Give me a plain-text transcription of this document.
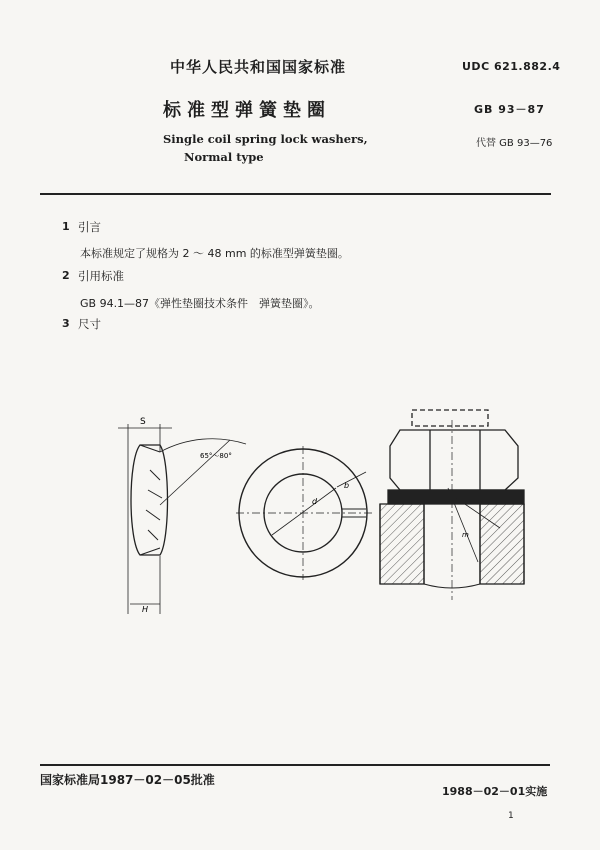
中华人民共和国国家标准	UDC 621.882.4
标准型弹簧垫圈	GB 93－87
Single coil spring lock washers,
Normal type
代替 GB 93—76
1 引言
本标准规定了规格为 2 ～ 48 mm 的标准型弹簧垫圈。
2 引用标准
GB 94.1—87《弹性垫圈技术条件　弹簧垫圈》。
3 尺寸
S
65°～80°
H
d
b
m
国家标准局1987－02－05批准
1988－02－01实施
1
